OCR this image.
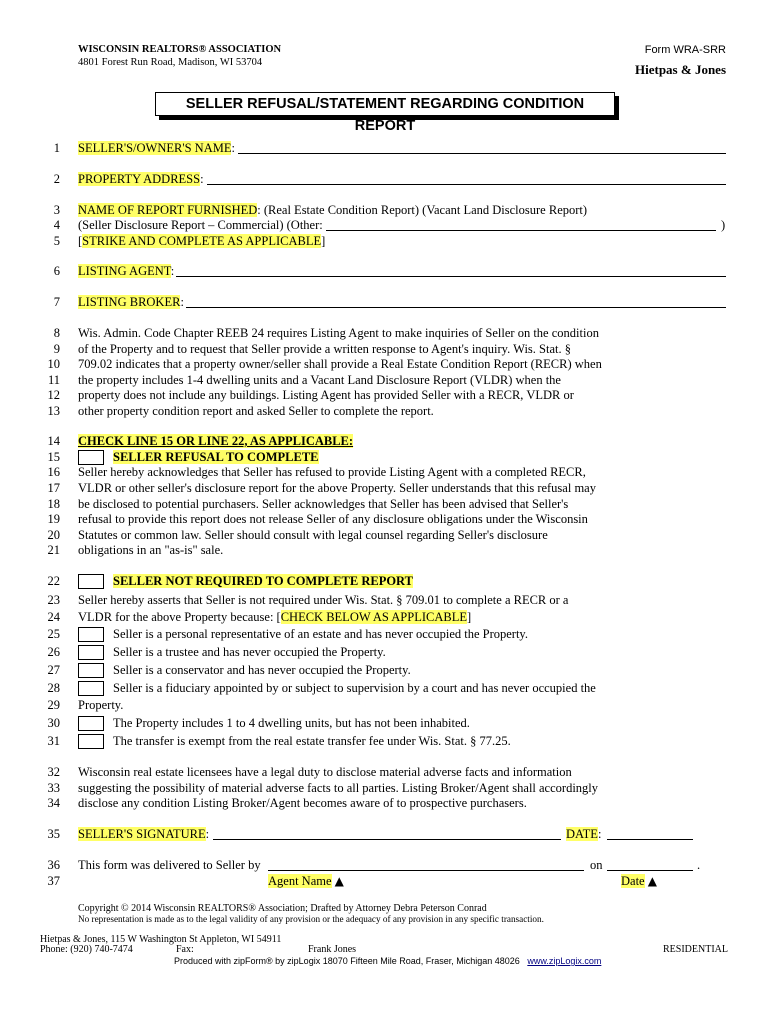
WISCONSIN REALTORS® ASSOCIATION
4801 Forest Run Road, Madison, WI 53704
Form WRA-SRR
Hietpas & Jones
SELLER REFUSAL/STATEMENT REGARDING CONDITION REPORT
1 SELLER'S/OWNER'S NAME:
2 PROPERTY ADDRESS:
3 NAME OF REPORT FURNISHED: (Real Estate Condition Report) (Vacant Land Disclosure Report)
4 (Seller Disclosure Report – Commercial) (Other:	)
5 [STRIKE AND COMPLETE AS APPLICABLE]
6 LISTING AGENT:
7 LISTING BROKER:
8
9
10
11
12
13
Wis. Admin. Code Chapter REEB 24 requires Listing Agent to make inquiries of Seller on the condition
of the Property and to request that Seller provide a written response to Agent's inquiry. Wis. Stat. §
709.02 indicates that a property owner/seller shall provide a Real Estate Condition Report (RECR) when
the property includes 1-4 dwelling units and a Vacant Land Disclosure Report (VLDR) when the
property does not include any buildings. Listing Agent has provided Seller with a RECR, VLDR or
other property condition report and asked Seller to complete the report.
14 CHECK LINE 15 OR LINE 22, AS APPLICABLE:
15	SELLER REFUSAL TO COMPLETE
16
17
18
19
20
21
Seller hereby acknowledges that Seller has refused to provide Listing Agent with a completed RECR,
VLDR or other seller's disclosure report for the above Property. Seller understands that this refusal may
be disclosed to potential purchasers. Seller acknowledges that Seller has been advised that Seller's
refusal to provide this report does not release Seller of any disclosure obligations under the Wisconsin
Statutes or common law. Seller should consult with legal counsel regarding Seller's disclosure
obligations in an "as-is" sale.
22	SELLER NOT REQUIRED TO COMPLETE REPORT
23 Seller hereby asserts that Seller is not required under Wis. Stat. § 709.01 to complete a RECR or a
24 VLDR for the above Property because: [CHECK BELOW AS APPLICABLE]
25	Seller is a personal representative of an estate and has never occupied the Property.
26	Seller is a trustee and has never occupied the Property.
27	Seller is a conservator and has never occupied the Property.
28	Seller is a fiduciary appointed by or subject to supervision by a court and has never occupied the
29 Property.
30	The Property includes 1 to 4 dwelling units, but has not been inhabited.
31	The transfer is exempt from the real estate transfer fee under Wis. Stat. § 77.25.
32
33
34
Wisconsin real estate licensees have a legal duty to disclose material adverse facts and information
suggesting the possibility of material adverse facts to all parties. Listing Broker/Agent shall accordingly
disclose any condition Listing Broker/Agent becomes aware of to prospective purchasers.
35 SELLER'S SIGNATURE:	DATE:
36 This form was delivered to Seller by	on	.
37	Agent Name ▲	Date ▲
Copyright © 2014 Wisconsin REALTORS® Association; Drafted by Attorney Debra Peterson Conrad
No representation is made as to the legal validity of any provision or the adequacy of any provision in any specific transaction.
Hietpas & Jones, 115 W Washington St Appleton, WI 54911
Phone: (920) 740-7474	Fax:	Frank Jones	RESIDENTIAL
Produced with zipForm® by zipLogix 18070 Fifteen Mile Road, Fraser, Michigan 48026 www.zipLogix.com
